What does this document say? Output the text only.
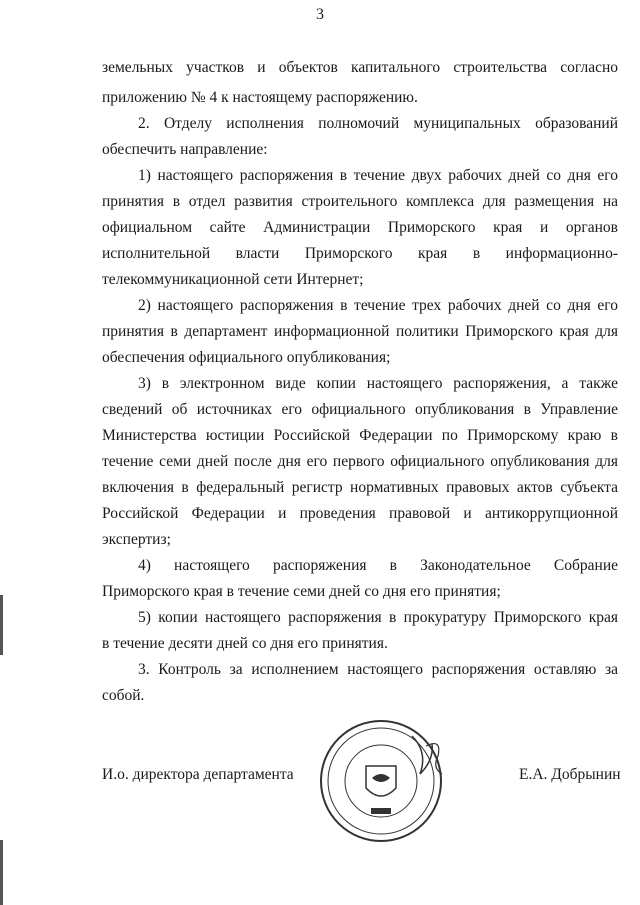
3
земельных участков и объектов капитального строительства согласно
приложению № 4 к настоящему распоряжению.
2. Отделу исполнения полномочий муниципальных образований
обеспечить направление:
1) настоящего распоряжения в течение двух рабочих дней со дня его
принятия в отдел развития строительного комплекса для размещения на
официальном сайте Администрации Приморского края и органов
исполнительной власти Приморского края в информационно-
телекоммуникационной сети Интернет;
2) настоящего распоряжения в течение трех рабочих дней со дня его
принятия в департамент информационной политики Приморского края для
обеспечения официального опубликования;
3) в электронном виде копии настоящего распоряжения, а также
сведений об источниках его официального опубликования в Управление
Министерства юстиции Российской Федерации по Приморскому краю в
течение семи дней после дня его первого официального опубликования для
включения в федеральный регистр нормативных правовых актов субъекта
Российской Федерации и проведения правовой и антикоррупционной
экспертиз;
4) настоящего распоряжения в Законодательное Собрание
Приморского края в течение семи дней со дня его принятия;
5) копии настоящего распоряжения в прокуратуру Приморского края
в течение десяти дней со дня его принятия.
3. Контроль за исполнением настоящего распоряжения оставляю за
собой.
И.о. директора департамента	Е.А. Добрынин
